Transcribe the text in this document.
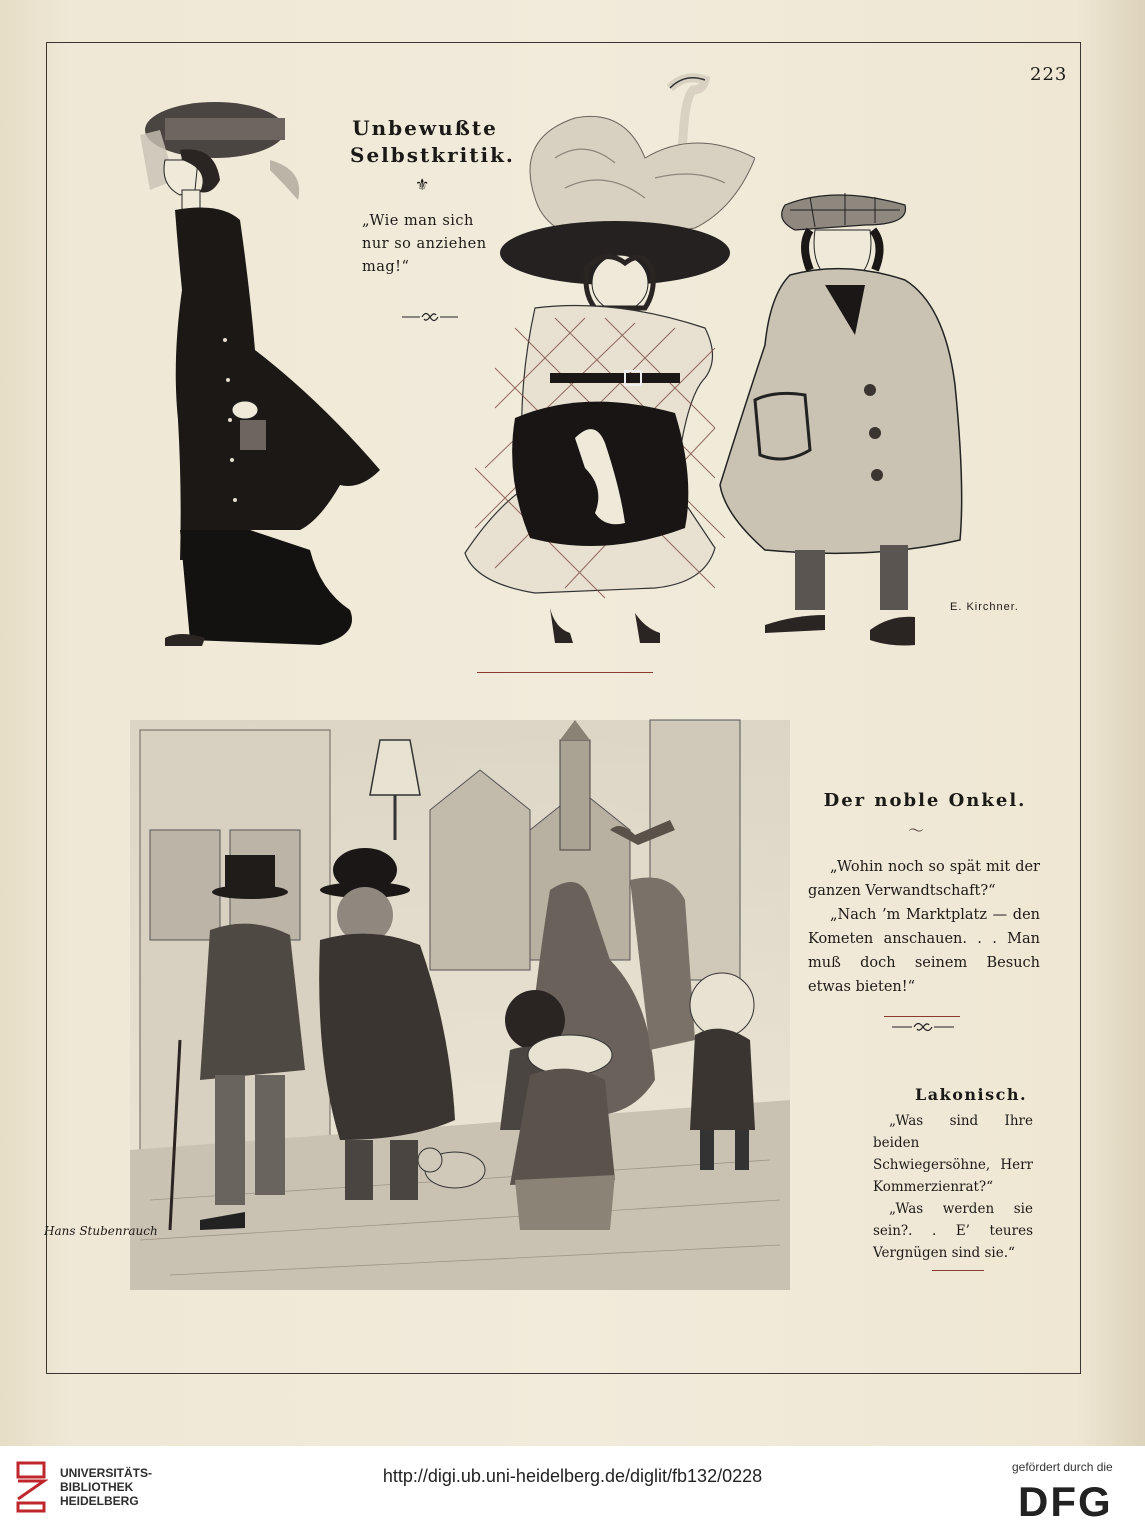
223
Unbewußte
Selbstkritik.
⚜
„Wie man sich
nur so anziehen
mag!“
E. Kirchner.
Hans Stubenrauch
Der noble Onkel.
〜

„Wohin noch so spät mit der ganzen Verwandtschaft?“

„Nach ’m Marktplatz — den Kometen anschauen. . . Man muß doch seinem Besuch etwas bieten!“

Lakonisch.

„Was sind Ihre beiden Schwiegersöhne, Herr Kommerzienrat?“

„Was werden sie sein?. . E’ teures Vergnügen sind sie.“

UNIVERSITÄTS-
BIBLIOTHEK
HEIDELBERG
http://digi.ub.uni-heidelberg.de/diglit/fb132/0228	gefördert durch die
DFG
